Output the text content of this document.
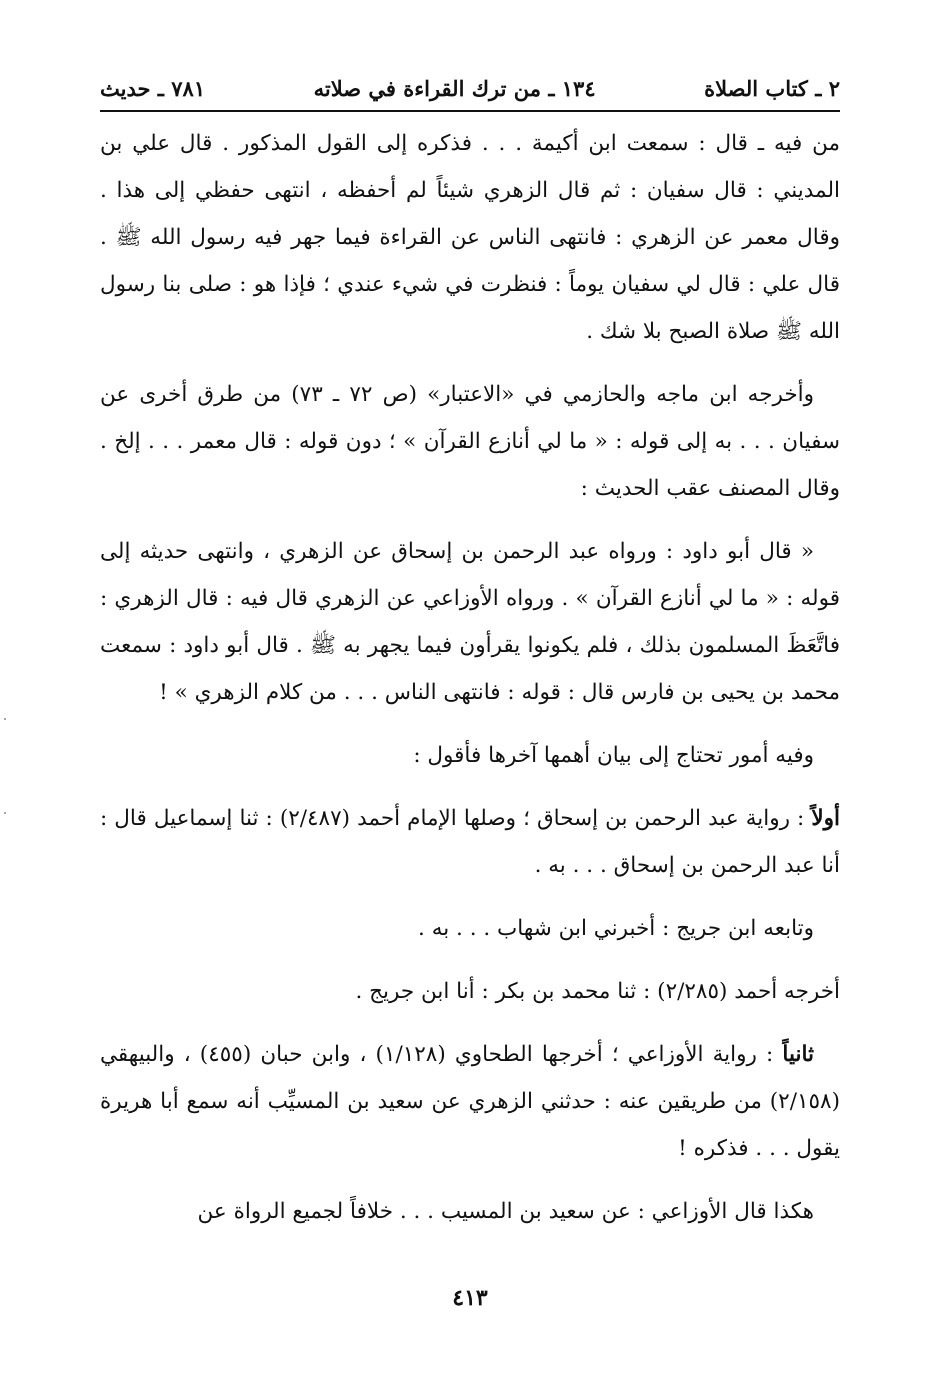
٢ ـ كتاب الصلاة
١٣٤ ـ من ترك القراءة في صلاته
٧٨١ ـ حديث

من فيه ـ قال : سمعت ابن أكيمة . . . فذكره إلى القول المذكور . قال علي بن المديني : قال سفيان : ثم قال الزهري شيئاً لم أحفظه ، انتهى حفظي إلى هذا . وقال معمر عن الزهري : فانتهى الناس عن القراءة فيما جهر فيه رسول الله ﷺ . قال علي : قال لي سفيان يوماً : فنظرت في شيء عندي ؛ فإذا هو : صلى بنا رسول الله ﷺ صلاة الصبح بلا شك .

وأخرجه ابن ماجه والحازمي في «الاعتبار» (ص ٧٢ ـ ٧٣) من طرق أخرى عن سفيان . . . به إلى قوله : « ما لي أنازع القرآن » ؛ دون قوله : قال معمر . . . إلخ . وقال المصنف عقب الحديث :

« قال أبو داود : ورواه عبد الرحمن بن إسحاق عن الزهري ، وانتهى حديثه إلى قوله : « ما لي أنازع القرآن » . ورواه الأوزاعي عن الزهري قال فيه : قال الزهري : فاتَّعَظَ المسلمون بذلك ، فلم يكونوا يقرأون فيما يجهر به ﷺ . قال أبو داود : سمعت محمد بن يحيى بن فارس قال : قوله : فانتهى الناس . . . من كلام الزهري » !

وفيه أمور تحتاج إلى بيان أهمها آخرها فأقول :

أولاً : رواية عبد الرحمن بن إسحاق ؛ وصلها الإمام أحمد (٢/٤٨٧) : ثنا إسماعيل قال : أنا عبد الرحمن بن إسحاق . . . به .

وتابعه ابن جريج : أخبرني ابن شهاب . . . به .

أخرجه أحمد (٢/٢٨٥) : ثنا محمد بن بكر : أنا ابن جريج .

ثانياً : رواية الأوزاعي ؛ أخرجها الطحاوي (١/١٢٨) ، وابن حبان (٤٥٥) ، والبيهقي (٢/١٥٨) من طريقين عنه : حدثني الزهري عن سعيد بن المسيِّب أنه سمع أبا هريرة يقول . . . فذكره !

هكذا قال الأوزاعي : عن سعيد بن المسيب . . . خلافاً لجميع الرواة عن

٤١٣
